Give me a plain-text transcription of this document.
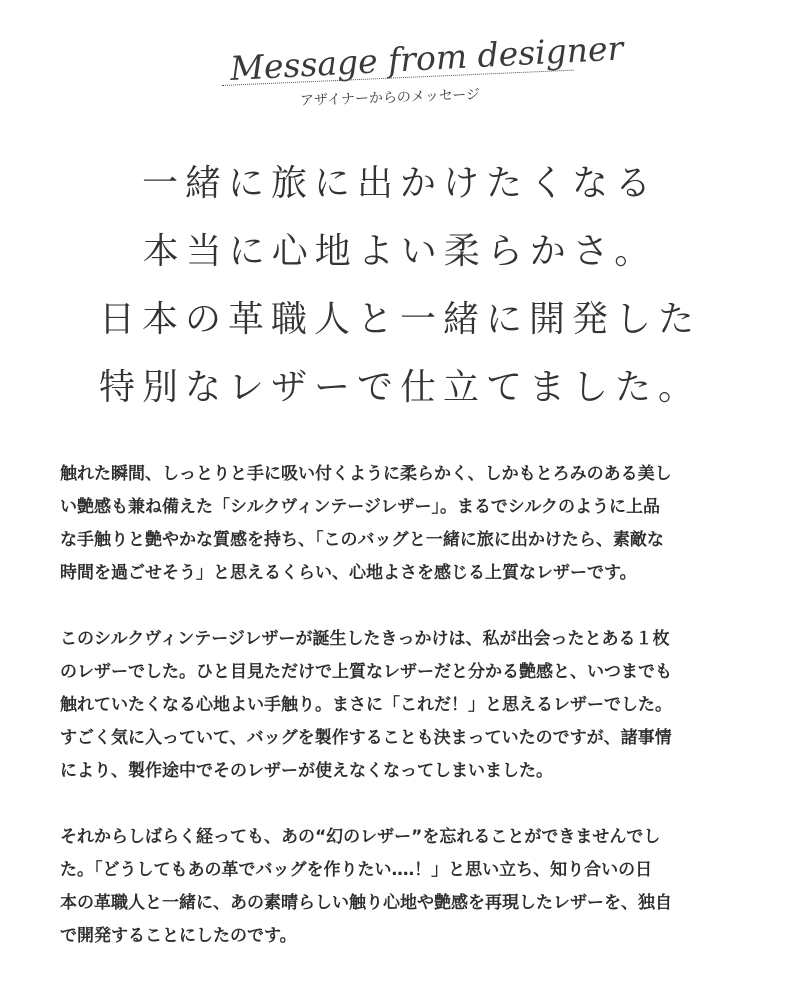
Message from designer
アザイナーからのメッセージ
一緒に旅に出かけたくなる
本当に心地よい柔らかさ。
日本の革職人と一緒に開発した
特別なレザーで仕立てました。
触れた瞬間、しっとりと手に吸い付くように柔らかく、しかもとろみのある美し
い艶感も兼ね備えた「シルクヴィンテージレザー」。まるでシルクのように上品
な手触りと艶やかな質感を持ち、「このバッグと一緒に旅に出かけたら、素敵な
時間を過ごせそう」と思えるくらい、心地よさを感じる上質なレザーです。
このシルクヴィンテージレザーが誕生したきっかけは、私が出会ったとある１枚
のレザーでした。ひと目見ただけで上質なレザーだと分かる艶感と、いつまでも
触れていたくなる心地よい手触り。まさに「これだ！」と思えるレザーでした。
すごく気に入っていて、バッグを製作することも決まっていたのですが、諸事情
により、製作途中でそのレザーが使えなくなってしまいました。
それからしばらく経っても、あの“幻のレザー”を忘れることができませんでし
た。「どうしてもあの革でバッグを作りたい‥‥！」と思い立ち、知り合いの日
本の革職人と一緒に、あの素晴らしい触り心地や艶感を再現したレザーを、独自
で開発することにしたのです。
